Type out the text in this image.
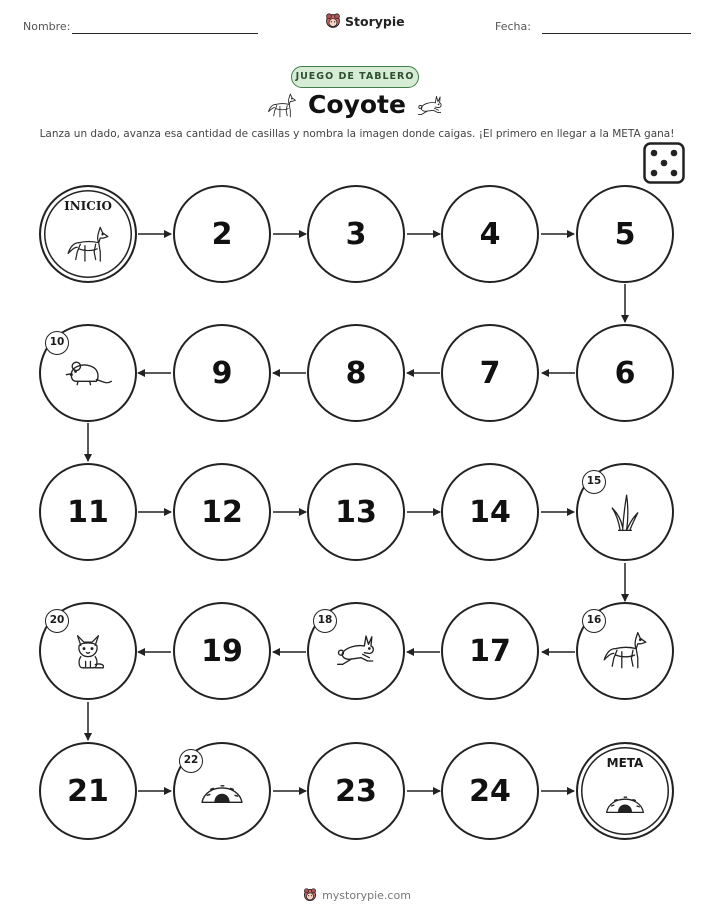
Nombre:	Storypie	Fecha:
JUEGO DE TABLERO
Coyote
Lanza un dado, avanza esa cantidad de casillas y nombra la imagen donde caigas. ¡El primero en llegar a la META gana!
INICIO
2	3	4	5
10
9	8	7	6
11	12	13	14
15
20
19
18
17
16
21
22
23	24
META
mystorypie.com
